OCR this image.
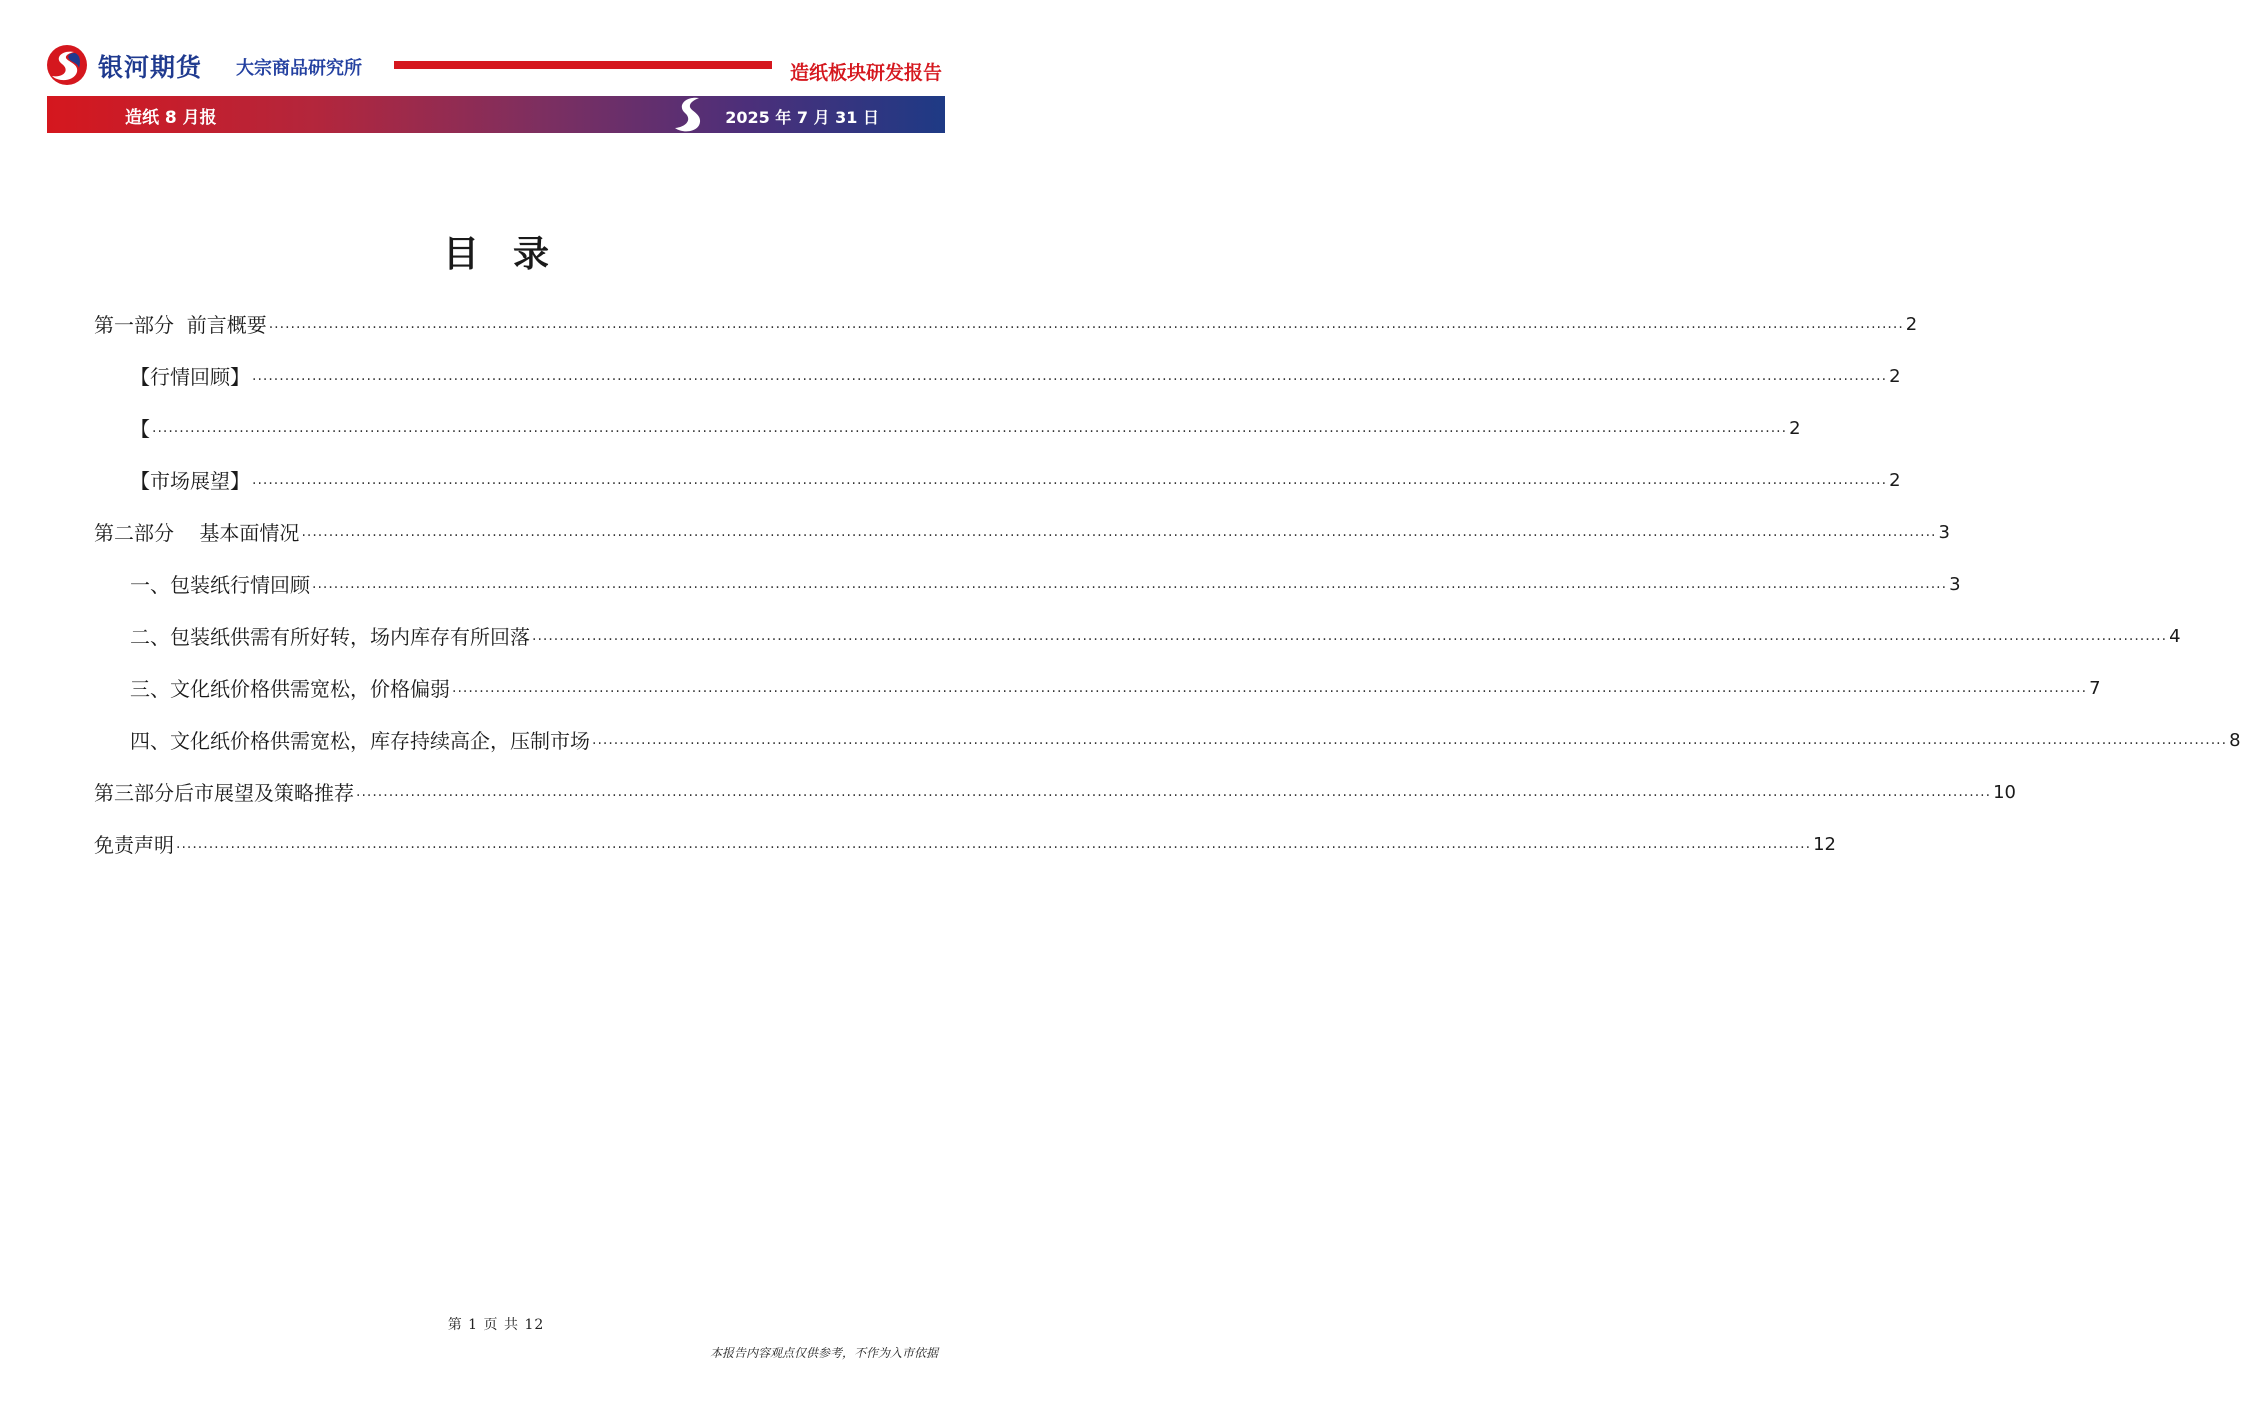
银河期货 大宗商品研究所	造纸板块研发报告
造纸 8 月报	2025 年 7 月 31 日
目录
第一部分  前言概要 ............................................................................................................................................................................................................................................................................................................ 2
【行情回顾】 ............................................................................................................................................................................................................................................................................................................ 2
【 ............................................................................................................................................................................................................................................................................................................ 2
【市场展望】 ............................................................................................................................................................................................................................................................................................................ 2
第二部分    基本面情况 ............................................................................................................................................................................................................................................................................................................ 3
一、包装纸行情回顾 ............................................................................................................................................................................................................................................................................................................ 3
二、包装纸供需有所好转，场内库存有所回落 ............................................................................................................................................................................................................................................................................................................ 4
三、文化纸价格供需宽松，价格偏弱 ............................................................................................................................................................................................................................................................................................................ 7
四、文化纸价格供需宽松，库存持续高企，压制市场 ............................................................................................................................................................................................................................................................................................................ 8
第三部分后市展望及策略推荐 ............................................................................................................................................................................................................................................................................................................ 10
免责声明 ............................................................................................................................................................................................................................................................................................................ 12
第 1 页 共 12
本报告内容观点仅供参考，不作为入市依据
